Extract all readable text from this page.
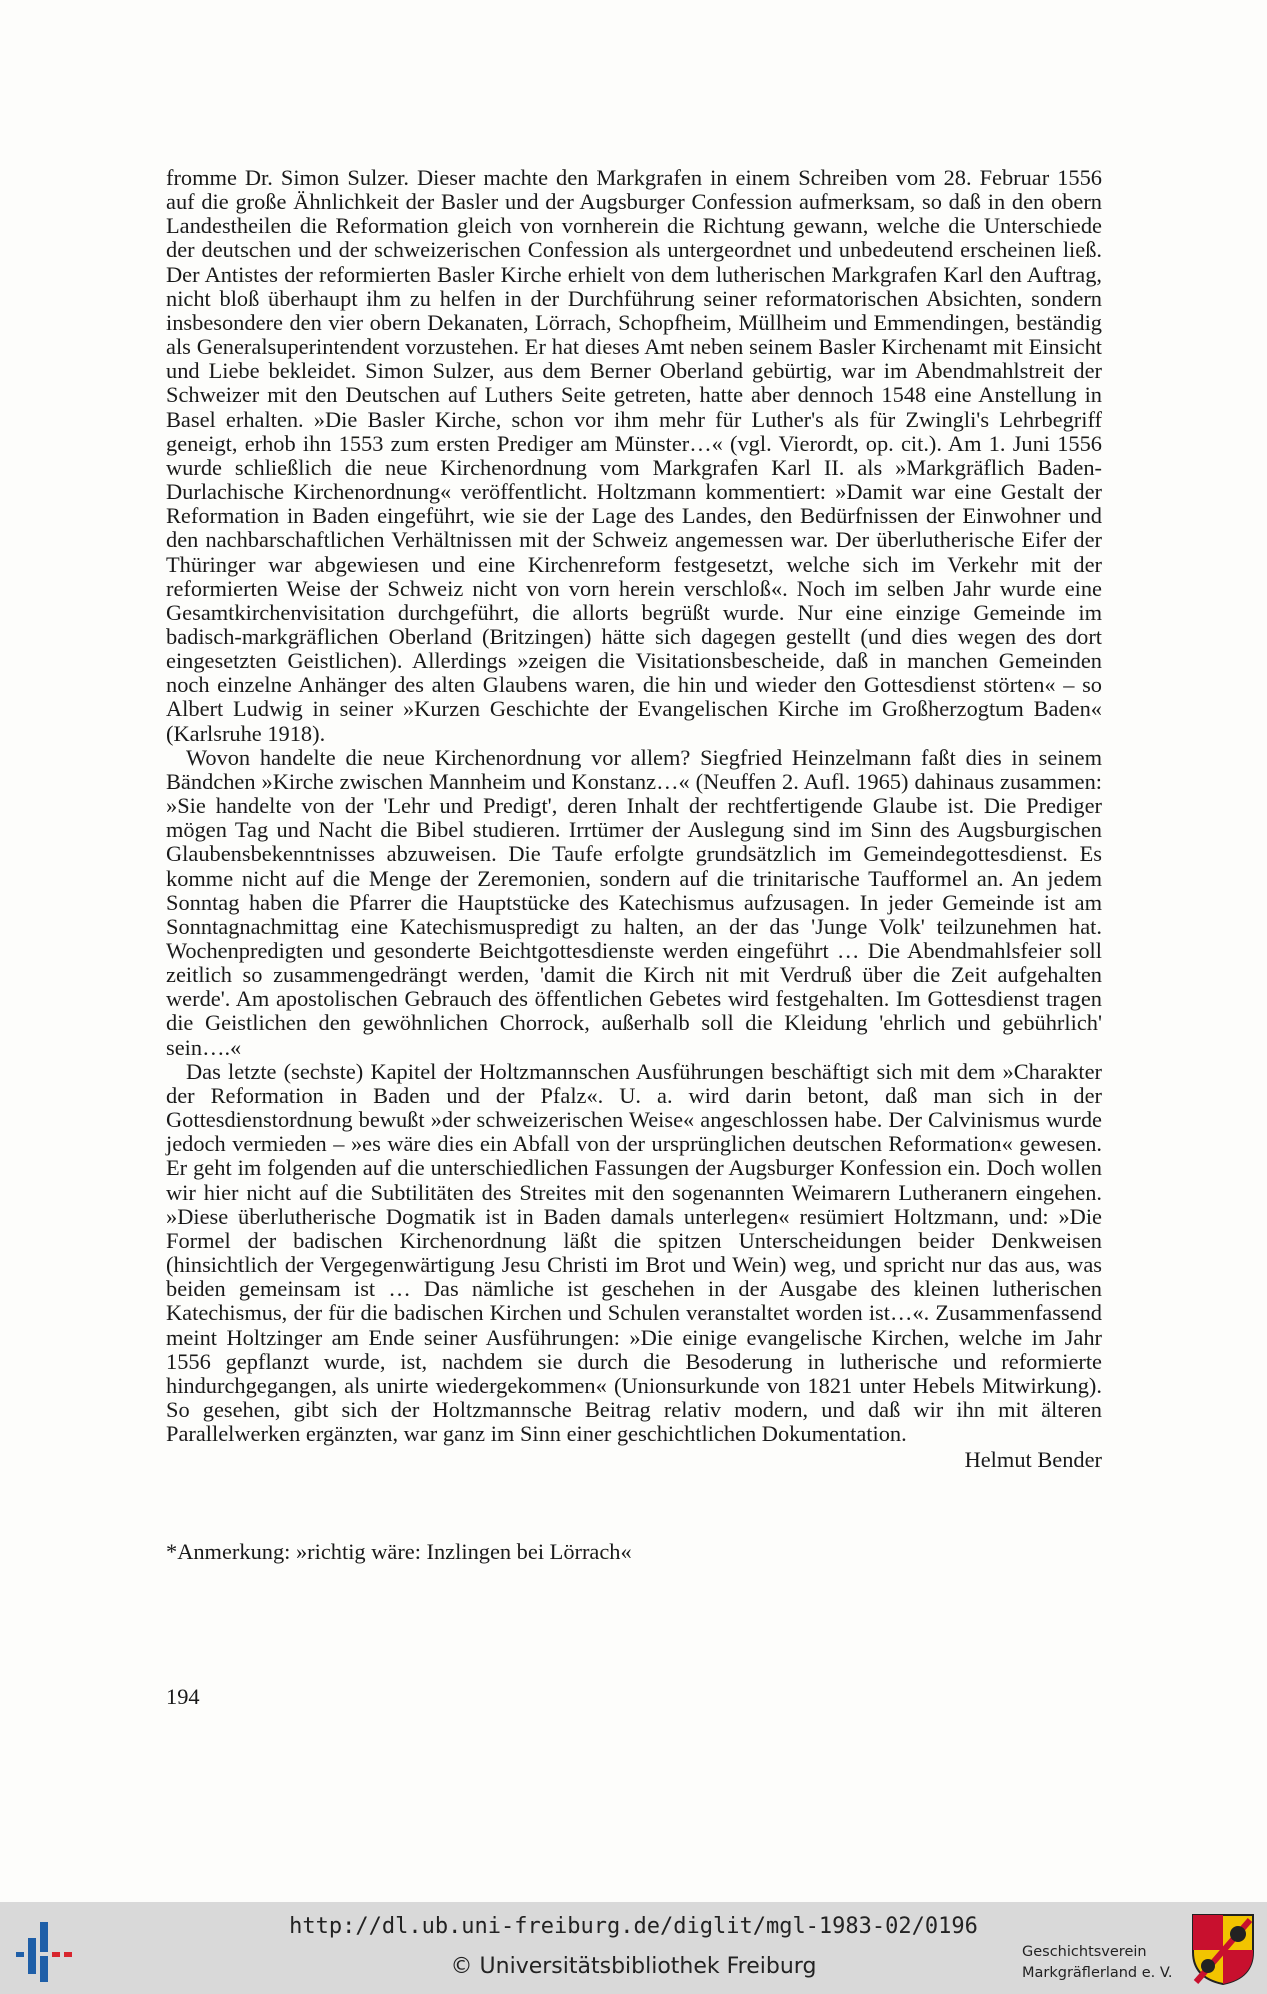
fromme Dr. Simon Sulzer. Dieser machte den Markgrafen in einem Schreiben vom 28. Februar 1556 auf die große Ähnlichkeit der Basler und der Augsburger Confession aufmerksam, so daß in den obern Landestheilen die Reformation gleich von vornherein die Richtung gewann, welche die Unterschiede der deutschen und der schweizerischen Confession als untergeordnet und unbedeutend erscheinen ließ. Der Antistes der reformierten Basler Kirche erhielt von dem lutherischen Markgrafen Karl den Auftrag, nicht bloß überhaupt ihm zu helfen in der Durchführung seiner reformatorischen Absichten, sondern insbesondere den vier obern Dekanaten, Lörrach, Schopfheim, Müllheim und Emmendingen, beständig als Generalsuperintendent vorzustehen. Er hat dieses Amt neben seinem Basler Kirchenamt mit Einsicht und Liebe bekleidet. Simon Sulzer, aus dem Berner Oberland gebürtig, war im Abendmahlstreit der Schweizer mit den Deutschen auf Luthers Seite getreten, hatte aber dennoch 1548 eine Anstellung in Basel erhalten. »Die Basler Kirche, schon vor ihm mehr für Luther's als für Zwingli's Lehrbegriff geneigt, erhob ihn 1553 zum ersten Prediger am Münster…« (vgl. Vierordt, op. cit.). Am 1. Juni 1556 wurde schließlich die neue Kirchenordnung vom Markgrafen Karl II. als »Markgräflich Baden-Durlachische Kirchenordnung« veröffentlicht. Holtzmann kommentiert: »Damit war eine Gestalt der Reformation in Baden eingeführt, wie sie der Lage des Landes, den Bedürfnissen der Einwohner und den nachbarschaftlichen Verhältnissen mit der Schweiz angemessen war. Der überlutherische Eifer der Thüringer war abgewiesen und eine Kirchenreform festgesetzt, welche sich im Verkehr mit der reformierten Weise der Schweiz nicht von vorn herein verschloß«. Noch im selben Jahr wurde eine Gesamtkirchenvisitation durchgeführt, die allorts begrüßt wurde. Nur eine einzige Gemeinde im badisch-markgräflichen Oberland (Britzingen) hätte sich dagegen gestellt (und dies wegen des dort eingesetzten Geistlichen). Allerdings »zeigen die Visitationsbescheide, daß in manchen Gemeinden noch einzelne Anhänger des alten Glaubens waren, die hin und wieder den Gottesdienst störten« – so Albert Ludwig in seiner »Kurzen Geschichte der Evangelischen Kirche im Großherzogtum Baden« (Karlsruhe 1918).

Wovon handelte die neue Kirchenordnung vor allem? Siegfried Heinzelmann faßt dies in seinem Bändchen »Kirche zwischen Mannheim und Konstanz…« (Neuffen 2. Aufl. 1965) dahinaus zusammen: »Sie handelte von der 'Lehr und Predigt', deren Inhalt der rechtfertigende Glaube ist. Die Prediger mögen Tag und Nacht die Bibel studieren. Irrtümer der Auslegung sind im Sinn des Augsburgischen Glaubensbekenntnisses abzuweisen. Die Taufe erfolgte grundsätzlich im Gemeindegottesdienst. Es komme nicht auf die Menge der Zeremonien, sondern auf die trinitarische Taufformel an. An jedem Sonntag haben die Pfarrer die Hauptstücke des Katechismus aufzusagen. In jeder Gemeinde ist am Sonntagnachmittag eine Katechismuspredigt zu halten, an der das 'Junge Volk' teilzunehmen hat. Wochenpredigten und gesonderte Beichtgottesdienste werden eingeführt … Die Abendmahlsfeier soll zeitlich so zusammengedrängt werden, 'damit die Kirch nit mit Verdruß über die Zeit aufgehalten werde'. Am apostolischen Gebrauch des öffentlichen Gebetes wird festgehalten. Im Gottesdienst tragen die Geistlichen den gewöhnlichen Chorrock, außerhalb soll die Kleidung 'ehrlich und gebührlich' sein….«

Das letzte (sechste) Kapitel der Holtzmannschen Ausführungen beschäftigt sich mit dem »Charakter der Reformation in Baden und der Pfalz«. U. a. wird darin betont, daß man sich in der Gottesdienstordnung bewußt »der schweizerischen Weise« angeschlossen habe. Der Calvinismus wurde jedoch vermieden – »es wäre dies ein Abfall von der ursprünglichen deutschen Reformation« gewesen. Er geht im folgenden auf die unterschiedlichen Fassungen der Augsburger Konfession ein. Doch wollen wir hier nicht auf die Subtilitäten des Streites mit den sogenannten Weimarern Lutheranern eingehen. »Diese überlutherische Dogmatik ist in Baden damals unterlegen« resümiert Holtzmann, und: »Die Formel der badischen Kirchenordnung läßt die spitzen Unterscheidungen beider Denkweisen (hinsichtlich der Vergegenwärtigung Jesu Christi im Brot und Wein) weg, und spricht nur das aus, was beiden gemeinsam ist … Das nämliche ist geschehen in der Ausgabe des kleinen lutherischen Katechismus, der für die badischen Kirchen und Schulen veranstaltet worden ist…«. Zusammenfassend meint Holtzinger am Ende seiner Ausführungen: »Die einige evangelische Kirchen, welche im Jahr 1556 gepflanzt wurde, ist, nachdem sie durch die Besoderung in lutherische und reformierte hindurchgegangen, als unirte wiedergekommen« (Unionsurkunde von 1821 unter Hebels Mitwirkung). So gesehen, gibt sich der Holtzmannsche Beitrag relativ modern, und daß wir ihn mit älteren Parallelwerken ergänzten, war ganz im Sinn einer geschichtlichen Dokumentation.

Helmut Bender

*Anmerkung: »richtig wäre: Inzlingen bei Lörrach«
194
http://dl.ub.uni-freiburg.de/diglit/mgl-1983-02/0196
© Universitätsbibliothek Freiburg
Geschichtsverein
Markgräflerland e. V.
